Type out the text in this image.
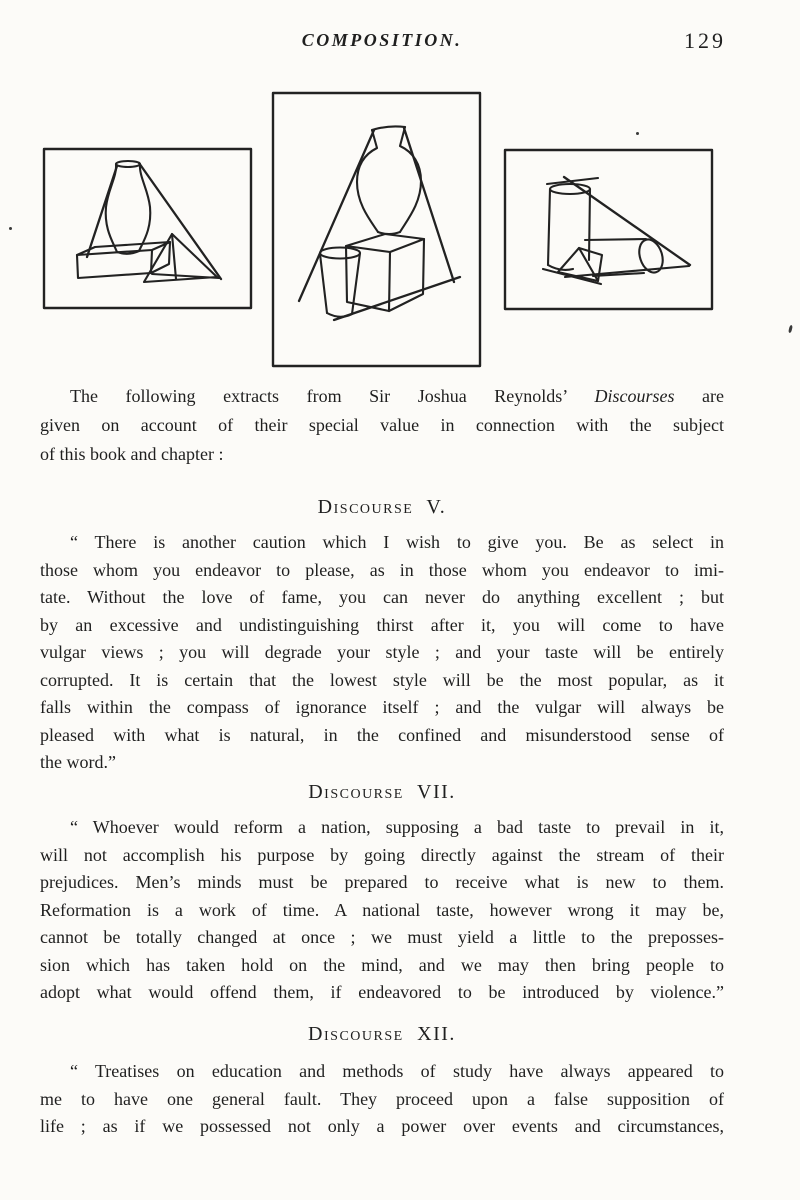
COMPOSITION.	129
The following extracts from Sir Joshua Reynolds’ Discourses are
given on account of their special value in connection with the subject
of this book and chapter :
Discourse V.
“ There is another caution which I wish to give you. Be as select in
those whom you endeavor to please, as in those whom you endeavor to imi-
tate. Without the love of fame, you can never do anything excellent ; but
by an excessive and undistinguishing thirst after it, you will come to have
vulgar views ; you will degrade your style ; and your taste will be entirely
corrupted. It is certain that the lowest style will be the most popular, as it
falls within the compass of ignorance itself ; and the vulgar will always be
pleased with what is natural, in the confined and misunderstood sense of
the word.”
Discourse VII.
“ Whoever would reform a nation, supposing a bad taste to prevail in it,
will not accomplish his purpose by going directly against the stream of their
prejudices. Men’s minds must be prepared to receive what is new to them.
Reformation is a work of time. A national taste, however wrong it may be,
cannot be totally changed at once ; we must yield a little to the preposses-
sion which has taken hold on the mind, and we may then bring people to
adopt what would offend them, if endeavored to be introduced by violence.”
Discourse XII.
“ Treatises on education and methods of study have always appeared to
me to have one general fault. They proceed upon a false supposition of
life ; as if we possessed not only a power over events and circumstances,
